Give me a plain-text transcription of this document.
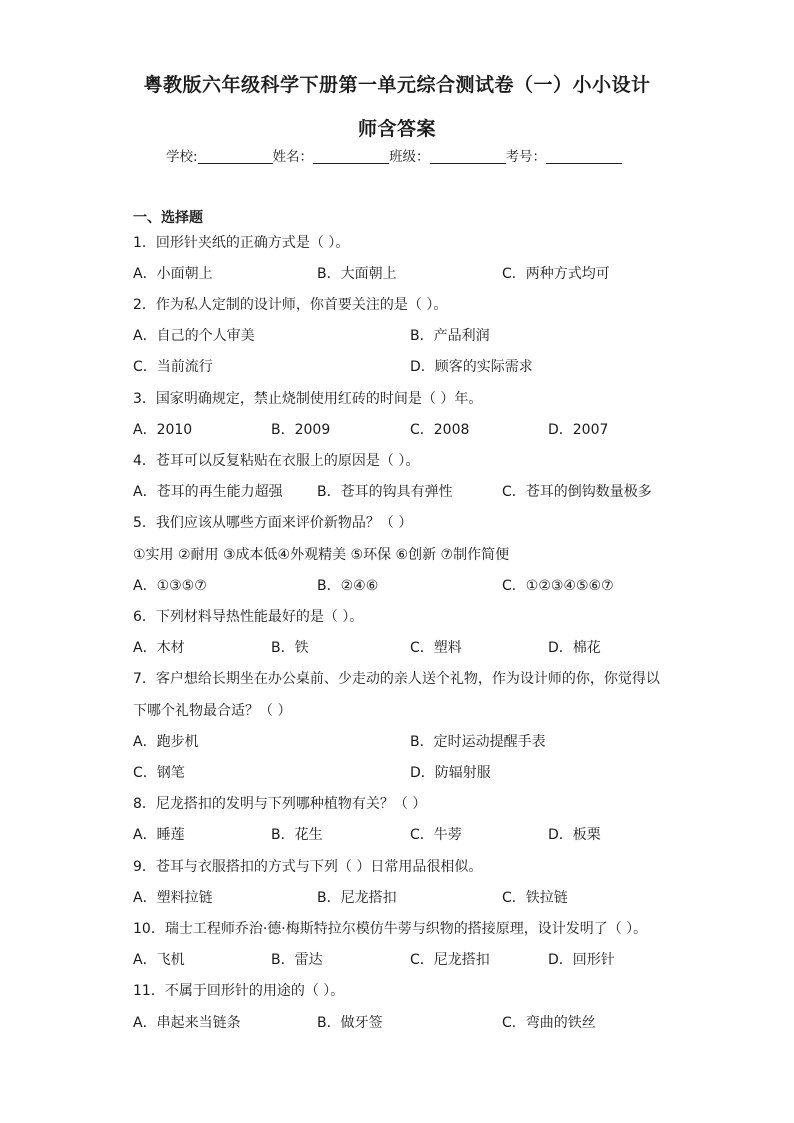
粤教版六年级科学下册第一单元综合测试卷（一）小小设计
师含答案
学校:	姓名：	班级：	考号：
一、选择题
1．回形针夹纸的正确方式是（ ）。
A．小面朝上	B．大面朝上	C．两种方式均可
2．作为私人定制的设计师，你首要关注的是（ ）。
A．自己的个人审美	B．产品利润
C．当前流行	D．顾客的实际需求
3．国家明确规定，禁止烧制使用红砖的时间是（ ）年。
A．2010	B．2009	C．2008	D．2007
4．苍耳可以反复粘贴在衣服上的原因是（ ）。
A．苍耳的再生能力超强 B．苍耳的钩具有弹性	C．苍耳的倒钩数量极多
5．我们应该从哪些方面来评价新物品？（ ）
①实用 ②耐用 ③成本低④外观精美 ⑤环保 ⑥创新 ⑦制作简便
A．①③⑤⑦	B．②④⑥	C．①②③④⑤⑥⑦
6．下列材料导热性能最好的是（ ）。
A．木材	B．铁	C．塑料	D．棉花
7．客户想给长期坐在办公桌前、少走动的亲人送个礼物，作为设计师的你，你觉得以
下哪个礼物最合适？（ ）
A．跑步机	B．定时运动提醒手表
C．钢笔	D．防辐射服
8．尼龙搭扣的发明与下列哪种植物有关？（ ）
A．睡莲	B．花生	C．牛蒡	D．板栗
9．苍耳与衣服搭扣的方式与下列（ ）日常用品很相似。
A．塑料拉链	B．尼龙搭扣	C．铁拉链
10．瑞士工程师乔治·德·梅斯特拉尔模仿牛蒡与织物的搭接原理，设计发明了（ ）。
A．飞机	B．雷达	C．尼龙搭扣	D．回形针
11．不属于回形针的用途的（ ）。
A．串起来当链条	B．做牙签	C．弯曲的铁丝
